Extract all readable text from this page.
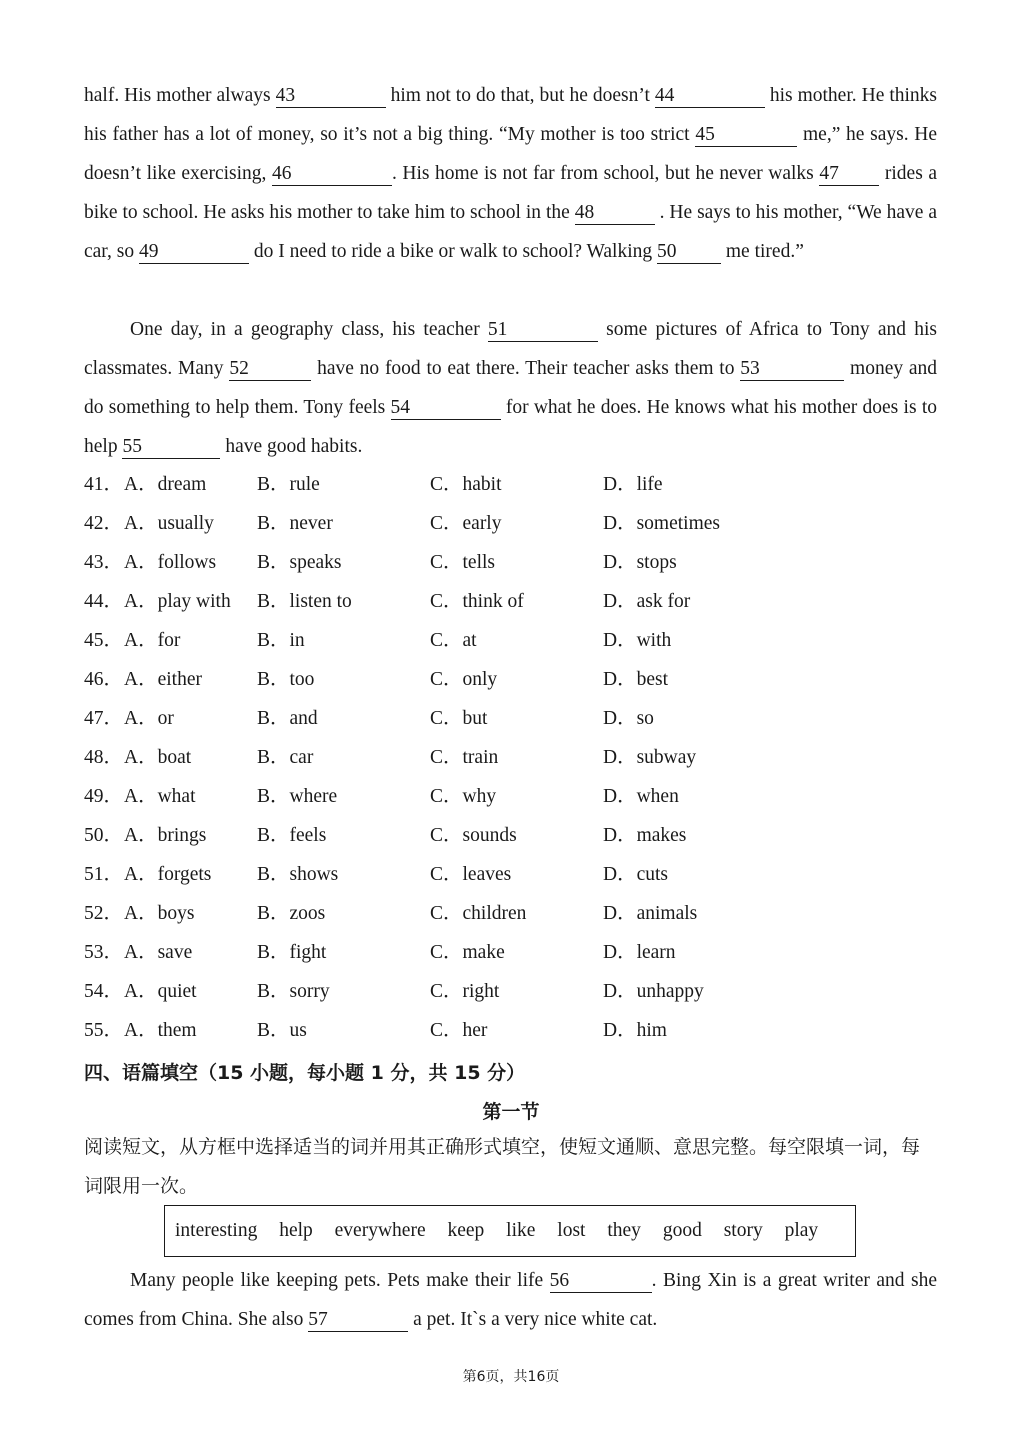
half. His mother always 43	him not to do that, but he doesn’t 44	his mother. He thinks his father has a lot of money, so it’s not a big thing. “My mother is too strict 45	me,” he says. He doesn’t like exercising, 46	. His home is not far from school, but he never walks 47 rides a bike to school. He asks his mother to take him to school in the 48	. He says to his mother, “We have a car, so 49	do I need to ride a bike or walk to school? Walking 50	me tired.”

One day, in a geography class, his teacher 51	some pictures of Africa to Tony and his classmates. Many 52	have no food to eat there. Their teacher asks them to 53	money and do something to help them. Tony feels 54	for what he does. He knows what his mother does is to help 55	have good habits.

41． A．dream	B．rule	C．habit	D．life
42． A．usually B．never	C．early	D．sometimes
43． A．follows B．speaks	C．tells	D．stops
44． A．play with B．listen to	C．think of	D．ask for
45． A．for	B．in	C．at	D．with
46． A．either	B．too	C．only	D．best
47． A．or	B．and	C．but	D．so
48． A．boat	B．car	C．train	D．subway
49． A．what	B．where	C．why	D．when
50． A．brings	B．feels	C．sounds	D．makes
51． A．forgets B．shows	C．leaves	D．cuts
52． A．boys	B．zoos	C．children	D．animals
53． A．save	B．fight	C．make	D．learn
54． A．quiet	B．sorry	C．right	D．unhappy
55． A．them	B．us	C．her	D．him
四、语篇填空（15 小题，每小题 1 分，共 15 分）
第一节
阅读短文，从方框中选择适当的词并用其正确形式填空，使短文通顺、意思完整。每空限填一词，每词限用一次。
interesting help everywhere keep like lost they good story play

Many people like keeping pets. Pets make their life 56	. Bing Xin is a great writer and she comes from China. She also 57	a pet. It`s a very nice white cat.

第6页，共16页
